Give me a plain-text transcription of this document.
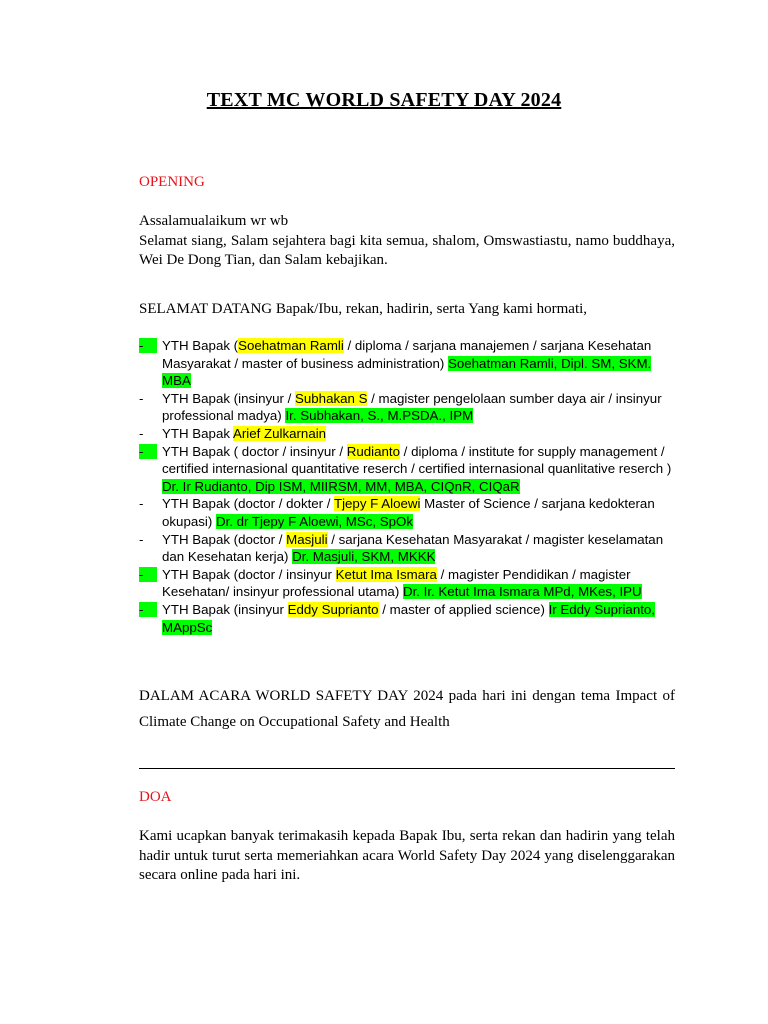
TEXT MC WORLD SAFETY DAY 2024
OPENING
Assalamualaikum wr wb
Selamat siang, Salam sejahtera bagi kita semua, shalom, Omswastiastu, namo buddhaya, Wei De Dong Tian, dan Salam kebajikan.
SELAMAT DATANG Bapak/Ibu, rekan, hadirin, serta Yang kami hormati,
-	YTH Bapak (Soehatman Ramli / diploma / sarjana manajemen / sarjana Kesehatan Masyarakat / master of business administration) Soehatman Ramli, Dipl. SM, SKM. MBA
-	YTH Bapak (insinyur / Subhakan S / magister pengelolaan sumber daya air / insinyur professional madya) Ir. Subhakan, S., M.PSDA., IPM
-	YTH Bapak Arief Zulkarnain
-	YTH Bapak ( doctor / insinyur / Rudianto / diploma / institute for supply management / certified internasional quantitative reserch / certified internasional quanlitative reserch ) Dr. Ir Rudianto, Dip ISM, MIIRSM, MM, MBA, CIQnR, CIQaR
-	YTH Bapak (doctor / dokter / Tjepy F Aloewi Master of Science / sarjana kedokteran okupasi) Dr. dr Tjepy F Aloewi, MSc, SpOk
-	YTH Bapak (doctor / Masjuli / sarjana Kesehatan Masyarakat / magister keselamatan dan Kesehatan kerja) Dr. Masjuli, SKM, MKKK
-	YTH Bapak (doctor / insinyur Ketut Ima Ismara / magister Pendidikan / magister Kesehatan/ insinyur professional utama) Dr. Ir. Ketut Ima Ismara MPd, MKes, IPU
-	YTH Bapak (insinyur Eddy Suprianto / master of applied science) Ir Eddy Suprianto, MAppSc
DALAM ACARA WORLD SAFETY DAY 2024 pada hari ini dengan tema Impact of Climate Change on Occupational Safety and Health
DOA
Kami ucapkan banyak terimakasih kepada Bapak Ibu, serta rekan dan hadirin yang telah hadir untuk turut serta memeriahkan acara World Safety Day 2024 yang diselenggarakan secara online pada hari ini.
